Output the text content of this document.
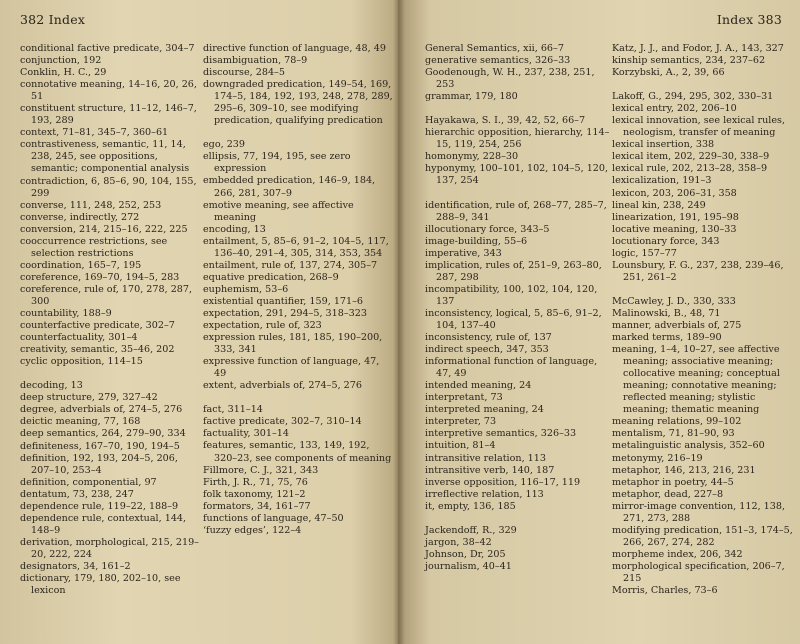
382 Index
conditional factive predicate, 304–7
conjunction, 192
Conklin, H. C., 29
connotative meaning, 14–16, 20, 26, 51
constituent structure, 11–12, 146–7, 193, 289
context, 71–81, 345–7, 360–61
contrastiveness, semantic, 11, 14, 238, 245, see oppositions, semantic; componential analysis
contradiction, 6, 85–6, 90, 104, 155, 299
converse, 111, 248, 252, 253
converse, indirectly, 272
conversion, 214, 215–16, 222, 225
cooccurrence restrictions, see selection restrictions
coordination, 165–7, 195
coreference, 169–70, 194–5, 283
coreference, rule of, 170, 278, 287, 300
countability, 188–9
counterfactive predicate, 302–7
counterfactuality, 301–4
creativity, semantic, 35–46, 202
cyclic opposition, 114–15
decoding, 13
deep structure, 279, 327–42
degree, adverbials of, 274–5, 276
deictic meaning, 77, 168
deep semantics, 264, 279–90, 334
definiteness, 167–70, 190, 194–5
definition, 192, 193, 204–5, 206, 207–10, 253–4
definition, componential, 97
dentatum, 73, 238, 247
dependence rule, 119–22, 188–9
dependence rule, contextual, 144, 148–9
derivation, morphological, 215, 219–20, 222, 224
designators, 34, 161–2
dictionary, 179, 180, 202–10, see lexicon
directive function of language, 48, 49
disambiguation, 78–9
discourse, 284–5
downgraded predication, 149–54, 169, 174–5, 184, 192, 193, 248, 278, 289, 295–6, 309–10, see modifying predication, qualifying predication
ego, 239
ellipsis, 77, 194, 195, see zero expression
embedded predication, 146–9, 184, 266, 281, 307–9
emotive meaning, see affective meaning
encoding, 13
entailment, 5, 85–6, 91–2, 104–5, 117, 136–40, 291–4, 305, 314, 353, 354
entailment, rule of, 137, 274, 305–7
equative predication, 268–9
euphemism, 53–6
existential quantifier, 159, 171–6
expectation, 291, 294–5, 318–323
expectation, rule of, 323
expression rules, 181, 185, 190–200, 333, 341
expressive function of language, 47, 49
extent, adverbials of, 274–5, 276
fact, 311–14
factive predicate, 302–7, 310–14
factuality, 301–14
features, semantic, 133, 149, 192, 320–23, see components of meaning
Fillmore, C. J., 321, 343
Firth, J. R., 71, 75, 76
folk taxonomy, 121–2
formators, 34, 161–77
functions of language, 47–50
‘fuzzy edges’, 122–4
Index 383
General Semantics, xii, 66–7
generative semantics, 326–33
Goodenough, W. H., 237, 238, 251, 253
grammar, 179, 180
Hayakawa, S. I., 39, 42, 52, 66–7
hierarchic opposition, hierarchy, 114–15, 119, 254, 256
homonymy, 228–30
hyponymy, 100–101, 102, 104–5, 120, 137, 254
identification, rule of, 268–77, 285–7, 288–9, 341
illocutionary force, 343–5
image-building, 55–6
imperative, 343
implication, rules of, 251–9, 263–80, 287, 298
incompatibility, 100, 102, 104, 120, 137
inconsistency, logical, 5, 85–6, 91–2, 104, 137–40
inconsistency, rule of, 137
indirect speech, 347, 353
informational function of language, 47, 49
intended meaning, 24
interpretant, 73
interpreted meaning, 24
interpreter, 73
interpretive semantics, 326–33
intuition, 81–4
intransitive relation, 113
intransitive verb, 140, 187
inverse opposition, 116–17, 119
irreflective relation, 113
it, empty, 136, 185
Jackendoff, R., 329
jargon, 38–42
Johnson, Dr, 205
journalism, 40–41
Katz, J. J., and Fodor, J. A., 143, 327
kinship semantics, 234, 237–62
Korzybski, A., 2, 39, 66
Lakoff, G., 294, 295, 302, 330–31
lexical entry, 202, 206–10
lexical innovation, see lexical rules, neologism, transfer of meaning
lexical insertion, 338
lexical item, 202, 229–30, 338–9
lexical rule, 202, 213–28, 358–9
lexicalization, 191–3
lexicon, 203, 206–31, 358
lineal kin, 238, 249
linearization, 191, 195–98
locative meaning, 130–33
locutionary force, 343
logic, 157–77
Lounsbury, F. G., 237, 238, 239–46, 251, 261–2
McCawley, J. D., 330, 333
Malinowski, B., 48, 71
manner, adverbials of, 275
marked terms, 189–90
meaning, 1–4, 10–27, see affective meaning; associative meaning; collocative meaning; conceptual meaning; connotative meaning; reflected meaning; stylistic meaning; thematic meaning
meaning relations, 99–102
mentalism, 71, 81–90, 93
metalinguistic analysis, 352–60
metonymy, 216–19
metaphor, 146, 213, 216, 231
metaphor in poetry, 44–5
metaphor, dead, 227–8
mirror-image convention, 112, 138, 271, 273, 288
modifying predication, 151–3, 174–5, 266, 267, 274, 282
morpheme index, 206, 342
morphological specification, 206–7, 215
Morris, Charles, 73–6
